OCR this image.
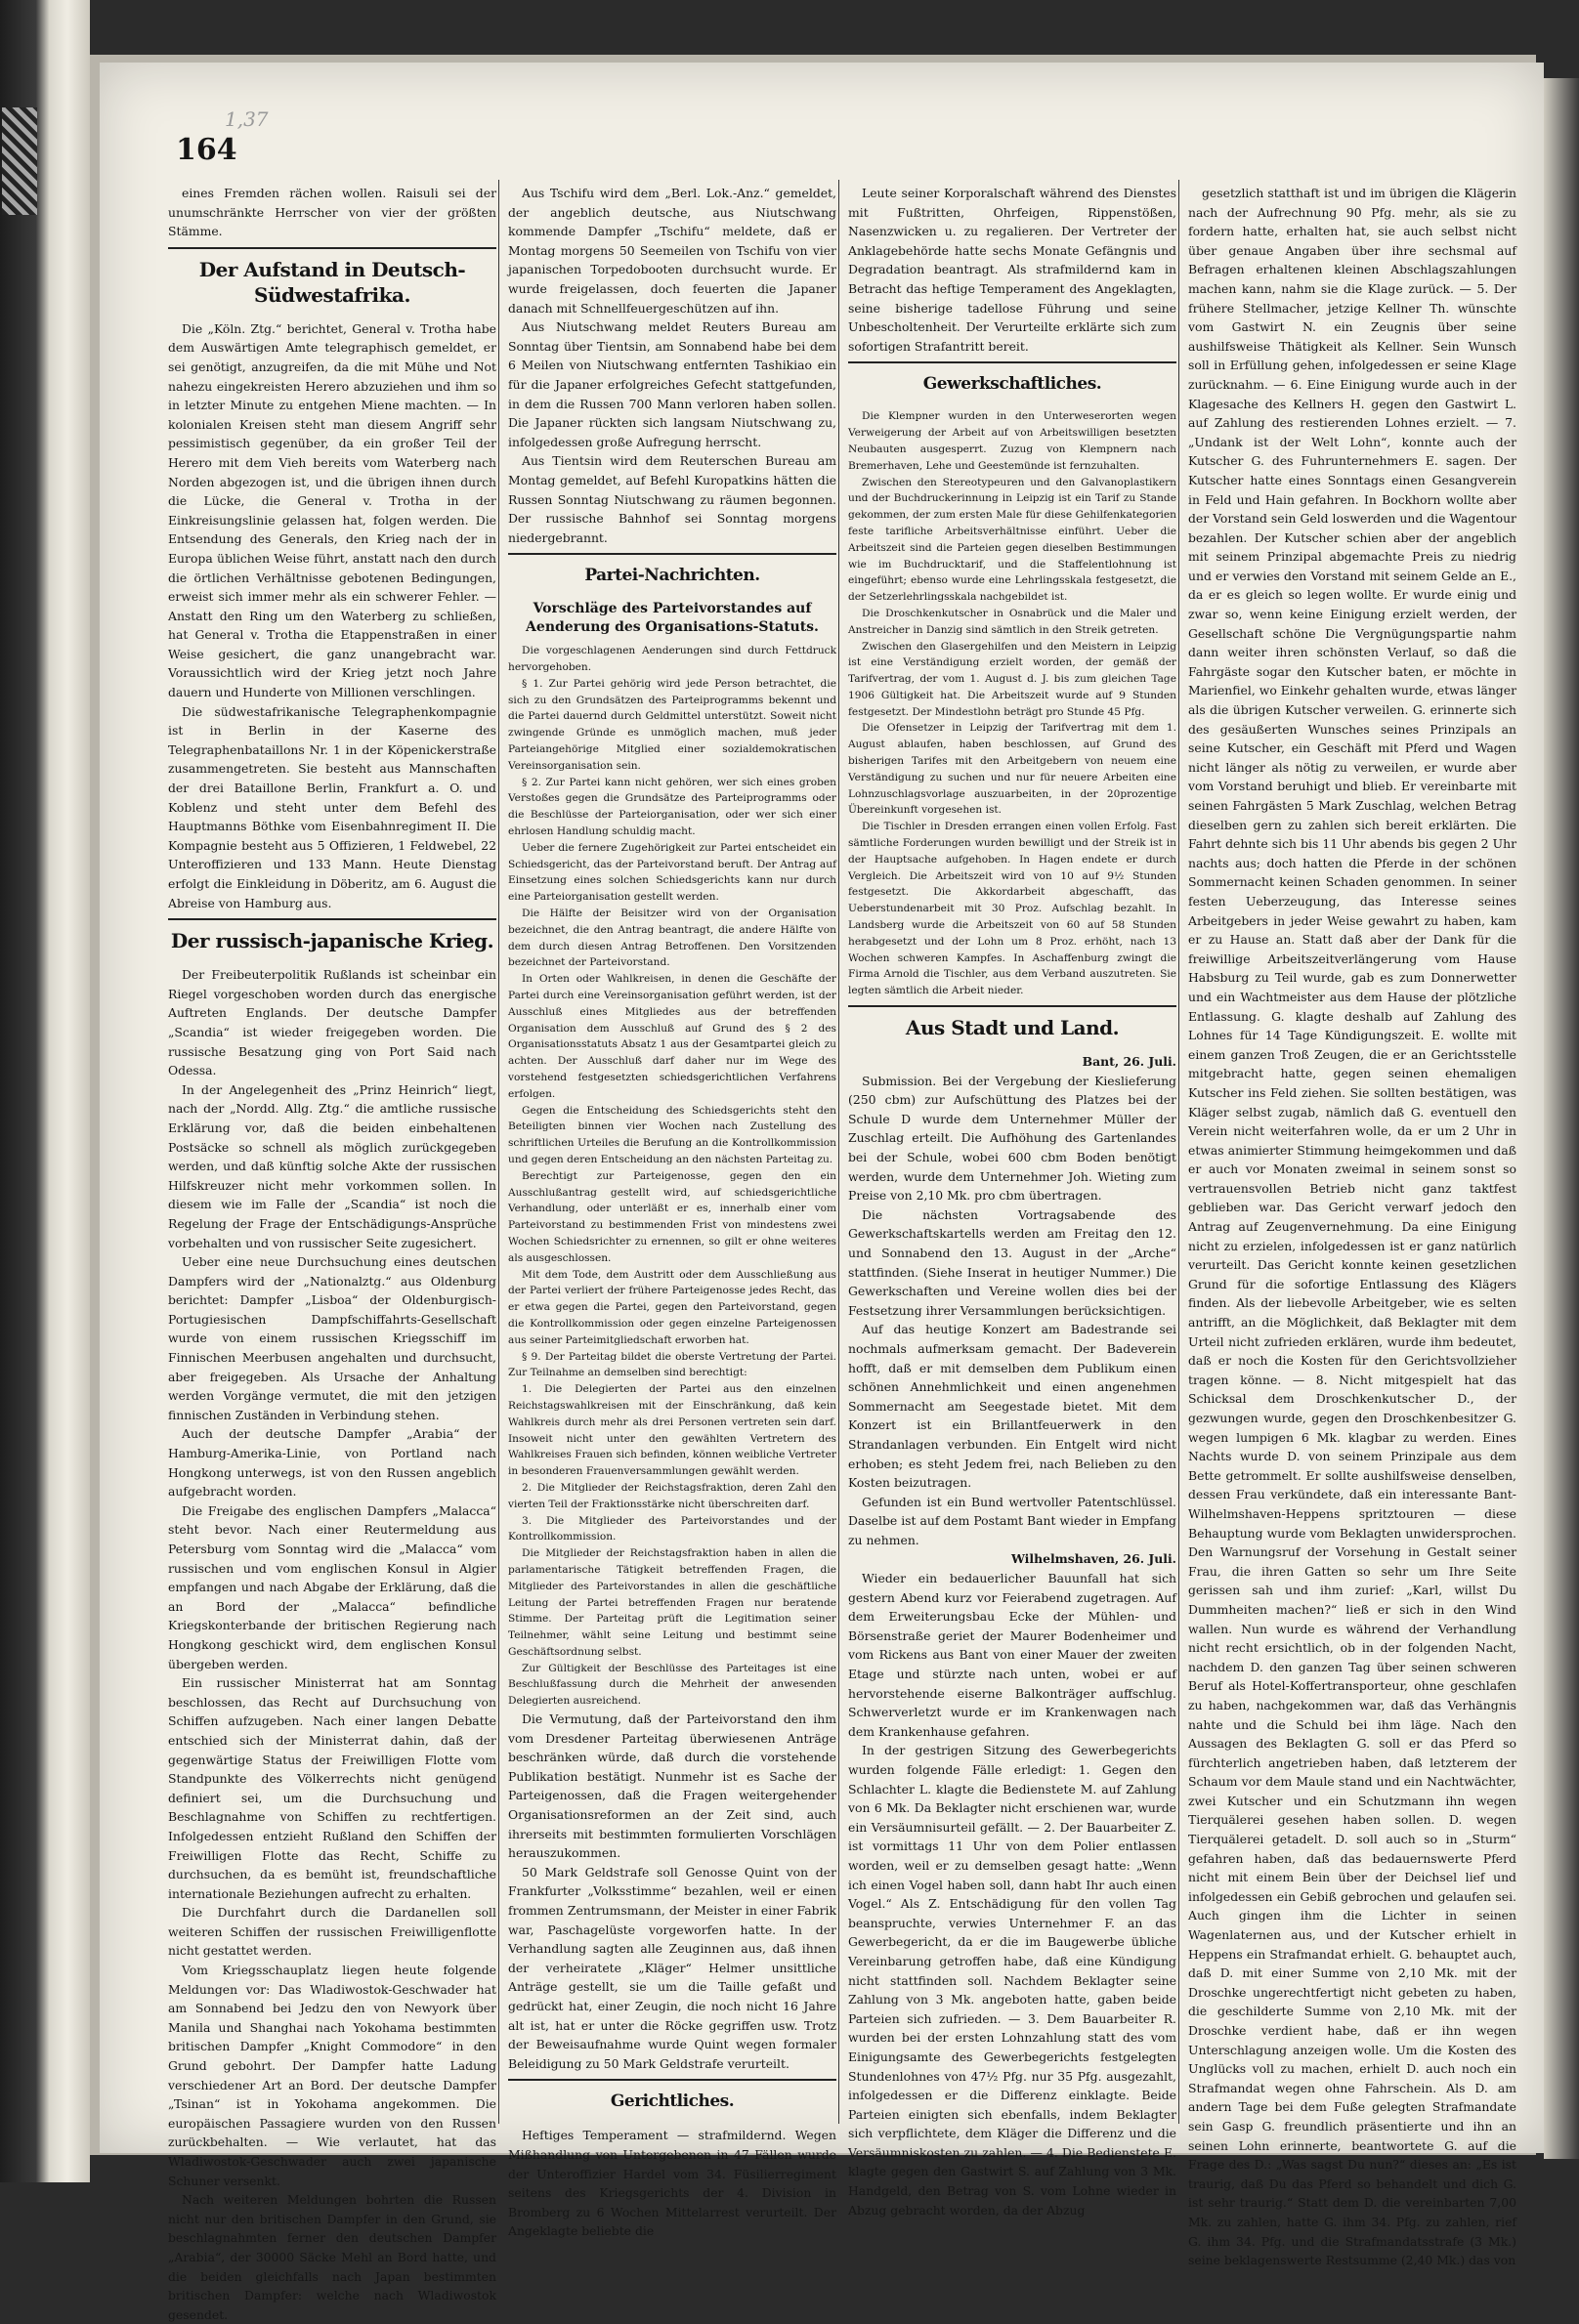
164
1,37

eines Fremden rächen wollen. Raisuli sei der unumschränkte Herrscher von vier der größten Stämme.

Der Aufstand in Deutsch-Südwestafrika.

Die „Köln. Ztg.“ berichtet, General v. Trotha habe dem Auswärtigen Amte telegraphisch gemeldet, er sei genötigt, anzugreifen, da die mit Mühe und Not nahezu eingekreisten Herero abzuziehen und ihm so in letzter Minute zu entgehen Miene machten. — In kolonialen Kreisen steht man diesem Angriff sehr pessimistisch gegenüber, da ein großer Teil der Herero mit dem Vieh bereits vom Waterberg nach Norden abgezogen ist, und die übrigen ihnen durch die Lücke, die General v. Trotha in der Einkreisungslinie gelassen hat, folgen werden. Die Entsendung des Generals, den Krieg nach der in Europa üblichen Weise führt, anstatt nach den durch die örtlichen Verhältnisse gebotenen Bedingungen, erweist sich immer mehr als ein schwerer Fehler. — Anstatt den Ring um den Waterberg zu schließen, hat General v. Trotha die Etappenstraßen in einer Weise gesichert, die ganz unangebracht war. Voraussichtlich wird der Krieg jetzt noch Jahre dauern und Hunderte von Millionen verschlingen.

Die südwestafrikanische Telegraphenkompagnie ist in Berlin in der Kaserne des Telegraphenbataillons Nr. 1 in der Köpenickerstraße zusammengetreten. Sie besteht aus Mannschaften der drei Bataillone Berlin, Frankfurt a. O. und Koblenz und steht unter dem Befehl des Hauptmanns Böthke vom Eisenbahnregiment II. Die Kompagnie besteht aus 5 Offizieren, 1 Feldwebel, 22 Unteroffizieren und 133 Mann. Heute Dienstag erfolgt die Einkleidung in Döberitz, am 6. August die Abreise von Hamburg aus.

Der russisch-japanische Krieg.

Der Freibeuterpolitik Rußlands ist scheinbar ein Riegel vorgeschoben worden durch das energische Auftreten Englands. Der deutsche Dampfer „Scandia“ ist wieder freigegeben worden. Die russische Besatzung ging von Port Said nach Odessa.

In der Angelegenheit des „Prinz Heinrich“ liegt, nach der „Nordd. Allg. Ztg.“ die amtliche russische Erklärung vor, daß die beiden einbehaltenen Postsäcke so schnell als möglich zurückgegeben werden, und daß künftig solche Akte der russischen Hilfskreuzer nicht mehr vorkommen sollen. In diesem wie im Falle der „Scandia“ ist noch die Regelung der Frage der Entschädigungs-Ansprüche vorbehalten und von russischer Seite zugesichert.

Ueber eine neue Durchsuchung eines deutschen Dampfers wird der „Nationalztg.“ aus Oldenburg berichtet: Dampfer „Lisboa“ der Oldenburgisch-Portugiesischen Dampfschiffahrts-Gesellschaft wurde von einem russischen Kriegsschiff im Finnischen Meerbusen angehalten und durchsucht, aber freigegeben. Als Ursache der Anhaltung werden Vorgänge vermutet, die mit den jetzigen finnischen Zuständen in Verbindung stehen.

Auch der deutsche Dampfer „Arabia“ der Hamburg-Amerika-Linie, von Portland nach Hongkong unterwegs, ist von den Russen angeblich aufgebracht worden.

Die Freigabe des englischen Dampfers „Malacca“ steht bevor. Nach einer Reutermeldung aus Petersburg vom Sonntag wird die „Malacca“ vom russischen und vom englischen Konsul in Algier empfangen und nach Abgabe der Erklärung, daß die an Bord der „Malacca“ befindliche Kriegskonterbande der britischen Regierung nach Hongkong geschickt wird, dem englischen Konsul übergeben werden.

Ein russischer Ministerrat hat am Sonntag beschlossen, das Recht auf Durchsuchung von Schiffen aufzugeben. Nach einer langen Debatte entschied sich der Ministerrat dahin, daß der gegenwärtige Status der Freiwilligen Flotte vom Standpunkte des Völkerrechts nicht genügend definiert sei, um die Durchsuchung und Beschlagnahme von Schiffen zu rechtfertigen. Infolgedessen entzieht Rußland den Schiffen der Freiwilligen Flotte das Recht, Schiffe zu durchsuchen, da es bemüht ist, freundschaftliche internationale Beziehungen aufrecht zu erhalten.

Die Durchfahrt durch die Dardanellen soll weiteren Schiffen der russischen Freiwilligenflotte nicht gestattet werden.

Vom Kriegsschauplatz liegen heute folgende Meldungen vor: Das Wladiwostok-Geschwader hat am Sonnabend bei Jedzu den von Newyork über Manila und Shanghai nach Yokohama bestimmten britischen Dampfer „Knight Commodore“ in den Grund gebohrt. Der Dampfer hatte Ladung verschiedener Art an Bord. Der deutsche Dampfer „Tsinan“ ist in Yokohama angekommen. Die europäischen Passagiere wurden von den Russen zurückbehalten. — Wie verlautet, hat das Wladiwostok-Geschwader auch zwei japanische Schuner versenkt.

Nach weiteren Meldungen bohrten die Russen nicht nur den britischen Dampfer in den Grund, sie beschlagnahmten ferner den deutschen Dampfer „Arabia“, der 30000 Säcke Mehl an Bord hatte, und die beiden gleichfalls nach Japan bestimmten britischen Dampfer: welche nach Wladiwostok gesendet.

Aus Tschifu wird dem „Berl. Lok.-Anz.“ gemeldet, der angeblich deutsche, aus Niutschwang kommende Dampfer „Tschifu“ meldete, daß er Montag morgens 50 Seemeilen von Tschifu von vier japanischen Torpedobooten durchsucht wurde. Er wurde freigelassen, doch feuerten die Japaner danach mit Schnellfeuergeschützen auf ihn.

Aus Niutschwang meldet Reuters Bureau am Sonntag über Tientsin, am Sonnabend habe bei dem 6 Meilen von Niutschwang entfernten Tashikiao ein für die Japaner erfolgreiches Gefecht stattgefunden, in dem die Russen 700 Mann verloren haben sollen. Die Japaner rückten sich langsam Niutschwang zu, infolgedessen große Aufregung herrscht.

Aus Tientsin wird dem Reuterschen Bureau am Montag gemeldet, auf Befehl Kuropatkins hätten die Russen Sonntag Niutschwang zu räumen begonnen. Der russische Bahnhof sei Sonntag morgens niedergebrannt.

Partei-Nachrichten.
Vorschläge des Parteivorstandes auf Aenderung des Organisations-Statuts.

Die vorgeschlagenen Aenderungen sind durch Fettdruck hervorgehoben.

§ 1. Zur Partei gehörig wird jede Person betrachtet, die sich zu den Grundsätzen des Parteiprogramms bekennt und die Partei dauernd durch Geldmittel unterstützt. Soweit nicht zwingende Gründe es unmöglich machen, muß jeder Parteiangehörige Mitglied einer sozialdemokratischen Vereinsorganisation sein.

§ 2. Zur Partei kann nicht gehören, wer sich eines groben Verstoßes gegen die Grundsätze des Parteiprogramms oder die Beschlüsse der Parteiorganisation, oder wer sich einer ehrlosen Handlung schuldig macht.

Ueber die fernere Zugehörigkeit zur Partei entscheidet ein Schiedsgericht, das der Parteivorstand beruft. Der Antrag auf Einsetzung eines solchen Schiedsgerichts kann nur durch eine Parteiorganisation gestellt werden.

Die Hälfte der Beisitzer wird von der Organisation bezeichnet, die den Antrag beantragt, die andere Hälfte von dem durch diesen Antrag Betroffenen. Den Vorsitzenden bezeichnet der Parteivorstand.

In Orten oder Wahlkreisen, in denen die Geschäfte der Partei durch eine Vereinsorganisation geführt werden, ist der Ausschluß eines Mitgliedes aus der betreffenden Organisation dem Ausschluß auf Grund des § 2 des Organisationsstatuts Absatz 1 aus der Gesamtpartei gleich zu achten. Der Ausschluß darf daher nur im Wege des vorstehend festgesetzten schiedsgerichtlichen Verfahrens erfolgen.

Gegen die Entscheidung des Schiedsgerichts steht den Beteiligten binnen vier Wochen nach Zustellung des schriftlichen Urteiles die Berufung an die Kontrollkommission und gegen deren Entscheidung an den nächsten Parteitag zu.

Berechtigt zur Parteigenosse, gegen den ein Ausschlußantrag gestellt wird, auf schiedsgerichtliche Verhandlung, oder unterläßt er es, innerhalb einer vom Parteivorstand zu bestimmenden Frist von mindestens zwei Wochen Schiedsrichter zu ernennen, so gilt er ohne weiteres als ausgeschlossen.

Mit dem Tode, dem Austritt oder dem Ausschließung aus der Partei verliert der frühere Parteigenosse jedes Recht, das er etwa gegen die Partei, gegen den Parteivorstand, gegen die Kontrollkommission oder gegen einzelne Parteigenossen aus seiner Parteimitgliedschaft erworben hat.

§ 9. Der Parteitag bildet die oberste Vertretung der Partei. Zur Teilnahme an demselben sind berechtigt:

1. Die Delegierten der Partei aus den einzelnen Reichstagswahlkreisen mit der Einschränkung, daß kein Wahlkreis durch mehr als drei Personen vertreten sein darf. Insoweit nicht unter den gewählten Vertretern des Wahlkreises Frauen sich befinden, können weibliche Vertreter in besonderen Frauenversammlungen gewählt werden.

2. Die Mitglieder der Reichstagsfraktion, deren Zahl den vierten Teil der Fraktionsstärke nicht überschreiten darf.

3. Die Mitglieder des Parteivorstandes und der Kontrollkommission.

Die Mitglieder der Reichstagsfraktion haben in allen die parlamentarische Tätigkeit betreffenden Fragen, die Mitglieder des Parteivorstandes in allen die geschäftliche Leitung der Partei betreffenden Fragen nur beratende Stimme. Der Parteitag prüft die Legitimation seiner Teilnehmer, wählt seine Leitung und bestimmt seine Geschäftsordnung selbst.

Zur Gültigkeit der Beschlüsse des Parteitages ist eine Beschlußfassung durch die Mehrheit der anwesenden Delegierten ausreichend.

Die Vermutung, daß der Parteivorstand den ihm vom Dresdener Parteitag überwiesenen Anträge beschränken würde, daß durch die vorstehende Publikation bestätigt. Nunmehr ist es Sache der Parteigenossen, daß die Fragen weitergehender Organisationsreformen an der Zeit sind, auch ihrerseits mit bestimmten formulierten Vorschlägen herauszukommen.

50 Mark Geldstrafe soll Genosse Quint von der Frankfurter „Volksstimme“ bezahlen, weil er einen frommen Zentrumsmann, der Meister in einer Fabrik war, Paschagelüste vorgeworfen hatte. In der Verhandlung sagten alle Zeuginnen aus, daß ihnen der verheiratete „Kläger“ Helmer unsittliche Anträge gestellt, sie um die Taille gefaßt und gedrückt hat, einer Zeugin, die noch nicht 16 Jahre alt ist, hat er unter die Röcke gegriffen usw. Trotz der Beweisaufnahme wurde Quint wegen formaler Beleidigung zu 50 Mark Geldstrafe verurteilt.

Gerichtliches.

Heftiges Temperament — strafmildernd. Wegen Mißhandlung von Untergebenen in 47 Fällen wurde der Unteroffizier Hardel vom 34. Füsilierregiment seitens des Kriegsgerichts der 4. Division in Bromberg zu 6 Wochen Mittelarrest verurteilt. Der Angeklagte beliebte die

Leute seiner Korporalschaft während des Dienstes mit Fußtritten, Ohrfeigen, Rippenstößen, Nasenzwicken u. zu regalieren. Der Vertreter der Anklagebehörde hatte sechs Monate Gefängnis und Degradation beantragt. Als strafmildernd kam in Betracht das heftige Temperament des Angeklagten, seine bisherige tadellose Führung und seine Unbescholtenheit. Der Verurteilte erklärte sich zum sofortigen Strafantritt bereit.

Gewerkschaftliches.

Die Klempner wurden in den Unterweserorten wegen Verweigerung der Arbeit auf von Arbeitswilligen besetzten Neubauten ausgesperrt. Zuzug von Klempnern nach Bremerhaven, Lehe und Geestemünde ist fernzuhalten.

Zwischen den Stereotypeuren und den Galvanoplastikern und der Buchdruckerinnung in Leipzig ist ein Tarif zu Stande gekommen, der zum ersten Male für diese Gehilfenkategorien feste tarifliche Arbeitsverhältnisse einführt. Ueber die Arbeitszeit sind die Parteien gegen dieselben Bestimmungen wie im Buchdrucktarif, und die Staffelentlohnung ist eingeführt; ebenso wurde eine Lehrlingsskala festgesetzt, die der Setzerlehrlingsskala nachgebildet ist.

Die Droschkenkutscher in Osnabrück und die Maler und Anstreicher in Danzig sind sämtlich in den Streik getreten.

Zwischen den Glasergehilfen und den Meistern in Leipzig ist eine Verständigung erzielt worden, der gemäß der Tarifvertrag, der vom 1. August d. J. bis zum gleichen Tage 1906 Gültigkeit hat. Die Arbeitszeit wurde auf 9 Stunden festgesetzt. Der Mindestlohn beträgt pro Stunde 45 Pfg.

Die Ofensetzer in Leipzig der Tarifvertrag mit dem 1. August ablaufen, haben beschlossen, auf Grund des bisherigen Tarifes mit den Arbeitgebern von neuem eine Verständigung zu suchen und nur für neuere Arbeiten eine Lohnzuschlagsvorlage auszuarbeiten, in der 20prozentige Übereinkunft vorgesehen ist.

Die Tischler in Dresden errangen einen vollen Erfolg. Fast sämtliche Forderungen wurden bewilligt und der Streik ist in der Hauptsache aufgehoben. In Hagen endete er durch Vergleich. Die Arbeitszeit wird von 10 auf 9½ Stunden festgesetzt. Die Akkordarbeit abgeschafft, das Ueberstundenarbeit mit 30 Proz. Aufschlag bezahlt. In Landsberg wurde die Arbeitszeit von 60 auf 58 Stunden herabgesetzt und der Lohn um 8 Proz. erhöht, nach 13 Wochen schweren Kampfes. In Aschaffenburg zwingt die Firma Arnold die Tischler, aus dem Verband auszutreten. Sie legten sämtlich die Arbeit nieder.

Aus Stadt und Land.
Bant, 26. Juli.

Submission. Bei der Vergebung der Kieslieferung (250 cbm) zur Aufschüttung des Platzes bei der Schule D wurde dem Unternehmer Müller der Zuschlag erteilt. Die Aufhöhung des Gartenlandes bei der Schule, wobei 600 cbm Boden benötigt werden, wurde dem Unternehmer Joh. Wieting zum Preise von 2,10 Mk. pro cbm übertragen.

Die nächsten Vortragsabende des Gewerkschaftskartells werden am Freitag den 12. und Sonnabend den 13. August in der „Arche“ stattfinden. (Siehe Inserat in heutiger Nummer.) Die Gewerkschaften und Vereine wollen dies bei der Festsetzung ihrer Versammlungen berücksichtigen.

Auf das heutige Konzert am Badestrande sei nochmals aufmerksam gemacht. Der Badeverein hofft, daß er mit demselben dem Publikum einen schönen Annehmlichkeit und einen angenehmen Sommernacht am Seegestade bietet. Mit dem Konzert ist ein Brillantfeuerwerk in den Strandanlagen verbunden. Ein Entgelt wird nicht erhoben; es steht Jedem frei, nach Belieben zu den Kosten beizutragen.

Gefunden ist ein Bund wertvoller Patentschlüssel. Daselbe ist auf dem Postamt Bant wieder in Empfang zu nehmen.

Wilhelmshaven, 26. Juli.

Wieder ein bedauerlicher Bauunfall hat sich gestern Abend kurz vor Feierabend zugetragen. Auf dem Erweiterungsbau Ecke der Mühlen- und Börsenstraße geriet der Maurer Bodenheimer und vom Rickens aus Bant von einer Mauer der zweiten Etage und stürzte nach unten, wobei er auf hervorstehende eiserne Balkonträger auffschlug. Schwerverletzt wurde er im Krankenwagen nach dem Krankenhause gefahren.

In der gestrigen Sitzung des Gewerbegerichts wurden folgende Fälle erledigt: 1. Gegen den Schlachter L. klagte die Bedienstete M. auf Zahlung von 6 Mk. Da Beklagter nicht erschienen war, wurde ein Versäumnisurteil gefällt. — 2. Der Bauarbeiter Z. ist vormittags 11 Uhr von dem Polier entlassen worden, weil er zu demselben gesagt hatte: „Wenn ich einen Vogel haben soll, dann habt Ihr auch einen Vogel.“ Als Z. Entschädigung für den vollen Tag beanspruchte, verwies Unternehmer F. an das Gewerbegericht, da er die im Baugewerbe übliche Vereinbarung getroffen habe, daß eine Kündigung nicht stattfinden soll. Nachdem Beklagter seine Zahlung von 3 Mk. angeboten hatte, gaben beide Parteien sich zufrieden. — 3. Dem Bauarbeiter R. wurden bei der ersten Lohnzahlung statt des vom Einigungsamte des Gewerbegerichts festgelegten Stundenlohnes von 47½ Pfg. nur 35 Pfg. ausgezahlt, infolgedessen er die Differenz einklagte. Beide Parteien einigten sich ebenfalls, indem Beklagter sich verpflichtete, dem Kläger die Differenz und die Versäumniskosten zu zahlen. — 4. Die Bedienstete E. klagte gegen den Gastwirt S. auf Zahlung von 3 Mk. Handgeld, den Betrag von S. vom Lohne wieder in Abzug gebracht worden, da der Abzug

gesetzlich statthaft ist und im übrigen die Klägerin nach der Aufrechnung 90 Pfg. mehr, als sie zu fordern hatte, erhalten hat, sie auch selbst nicht über genaue Angaben über ihre sechsmal auf Befragen erhaltenen kleinen Abschlagszahlungen machen kann, nahm sie die Klage zurück. — 5. Der frühere Stellmacher, jetzige Kellner Th. wünschte vom Gastwirt N. ein Zeugnis über seine aushilfsweise Thätigkeit als Kellner. Sein Wunsch soll in Erfüllung gehen, infolgedessen er seine Klage zurücknahm. — 6. Eine Einigung wurde auch in der Klagesache des Kellners H. gegen den Gastwirt L. auf Zahlung des restierenden Lohnes erzielt. — 7. „Undank ist der Welt Lohn“, konnte auch der Kutscher G. des Fuhrunternehmers E. sagen. Der Kutscher hatte eines Sonntags einen Gesangverein in Feld und Hain gefahren. In Bockhorn wollte aber der Vorstand sein Geld loswerden und die Wagentour bezahlen. Der Kutscher schien aber der angeblich mit seinem Prinzipal abgemachte Preis zu niedrig und er verwies den Vorstand mit seinem Gelde an E., da er es gleich so legen wollte. Er wurde einig und zwar so, wenn keine Einigung erzielt werden, der Gesellschaft schöne Die Vergnügungspartie nahm dann weiter ihren schönsten Verlauf, so daß die Fahrgäste sogar den Kutscher baten, er möchte in Marienfiel, wo Einkehr gehalten wurde, etwas länger als die übrigen Kutscher verweilen. G. erinnerte sich des gesäußerten Wunsches seines Prinzipals an seine Kutscher, ein Geschäft mit Pferd und Wagen nicht länger als nötig zu verweilen, er wurde aber vom Vorstand beruhigt und blieb. Er vereinbarte mit seinen Fahrgästen 5 Mark Zuschlag, welchen Betrag dieselben gern zu zahlen sich bereit erklärten. Die Fahrt dehnte sich bis 11 Uhr abends bis gegen 2 Uhr nachts aus; doch hatten die Pferde in der schönen Sommernacht keinen Schaden genommen. In seiner festen Ueberzeugung, das Interesse seines Arbeitgebers in jeder Weise gewahrt zu haben, kam er zu Hause an. Statt daß aber der Dank für die freiwillige Arbeitszeitverlängerung vom Hause Habsburg zu Teil wurde, gab es zum Donnerwetter und ein Wachtmeister aus dem Hause der plötzliche Entlassung. G. klagte deshalb auf Zahlung des Lohnes für 14 Tage Kündigungszeit. E. wollte mit einem ganzen Troß Zeugen, die er an Gerichtsstelle mitgebracht hatte, gegen seinen ehemaligen Kutscher ins Feld ziehen. Sie sollten bestätigen, was Kläger selbst zugab, nämlich daß G. eventuell den Verein nicht weiterfahren wolle, da er um 2 Uhr in etwas animierter Stimmung heimgekommen und daß er auch vor Monaten zweimal in seinem sonst so vertrauensvollen Betrieb nicht ganz taktfest geblieben war. Das Gericht verwarf jedoch den Antrag auf Zeugenvernehmung. Da eine Einigung nicht zu erzielen, infolgedessen ist er ganz natürlich verurteilt. Das Gericht konnte keinen gesetzlichen Grund für die sofortige Entlassung des Klägers finden. Als der liebevolle Arbeitgeber, wie es selten antrifft, an die Möglichkeit, daß Beklagter mit dem Urteil nicht zufrieden erklären, wurde ihm bedeutet, daß er noch die Kosten für den Gerichtsvollzieher tragen könne. — 8. Nicht mitgespielt hat das Schicksal dem Droschkenkutscher D., der gezwungen wurde, gegen den Droschkenbesitzer G. wegen lumpigen 6 Mk. klagbar zu werden. Eines Nachts wurde D. von seinem Prinzipale aus dem Bette getrommelt. Er sollte aushilfsweise denselben, dessen Frau verkündete, daß ein interessante Bant-Wilhelmshaven-Heppens spritztouren — diese Behauptung wurde vom Beklagten unwidersprochen. Den Warnungsruf der Vorsehung in Gestalt seiner Frau, die ihren Gatten so sehr um Ihre Seite gerissen sah und ihm zurief: „Karl, willst Du Dummheiten machen?“ ließ er sich in den Wind wallen. Nun wurde es während der Verhandlung nicht recht ersichtlich, ob in der folgenden Nacht, nachdem D. den ganzen Tag über seinen schweren Beruf als Hotel-Koffertransporteur, ohne geschlafen zu haben, nachgekommen war, daß das Verhängnis nahte und die Schuld bei ihm läge. Nach den Aussagen des Beklagten G. soll er das Pferd so fürchterlich angetrieben haben, daß letzterem der Schaum vor dem Maule stand und ein Nachtwächter, zwei Kutscher und ein Schutzmann ihn wegen Tierquälerei gesehen haben sollen. D. wegen Tierquälerei getadelt. D. soll auch so in „Sturm“ gefahren haben, daß das bedauernswerte Pferd nicht mit einem Bein über der Deichsel lief und infolgedessen ein Gebiß gebrochen und gelaufen sei. Auch gingen ihm die Lichter in seinen Wagenlaternen aus, und der Kutscher erhielt in Heppens ein Strafmandat erhielt. G. behauptet auch, daß D. mit einer Summe von 2,10 Mk. mit der Droschke ungerechtfertigt nicht gebeten zu haben, die geschilderte Summe von 2,10 Mk. mit der Droschke verdient habe, daß er ihn wegen Unterschlagung anzeigen wolle. Um die Kosten des Unglücks voll zu machen, erhielt D. auch noch ein Strafmandat wegen ohne Fahrschein. Als D. am andern Tage bei dem Fuße gelegten Strafmandate sein Gasp G. freundlich präsentierte und ihn an seinen Lohn erinnerte, beantwortete G. auf die Frage des D.: „Was sagst Du nun?“ dieses an: „Es ist traurig, daß Du das Pferd so behandelt und dich G. ist sehr traurig.“ Statt dem D. die vereinbarten 7,00 Mk. zu zahlen, hatte G. ihm 34. Pfg. zu zahlen, rief G. ihm 34. Pfg. und die Strafmandatsstrafe (3 Mk.) seine beklagenswerte Restsumme (2,40 Mk.) das von
